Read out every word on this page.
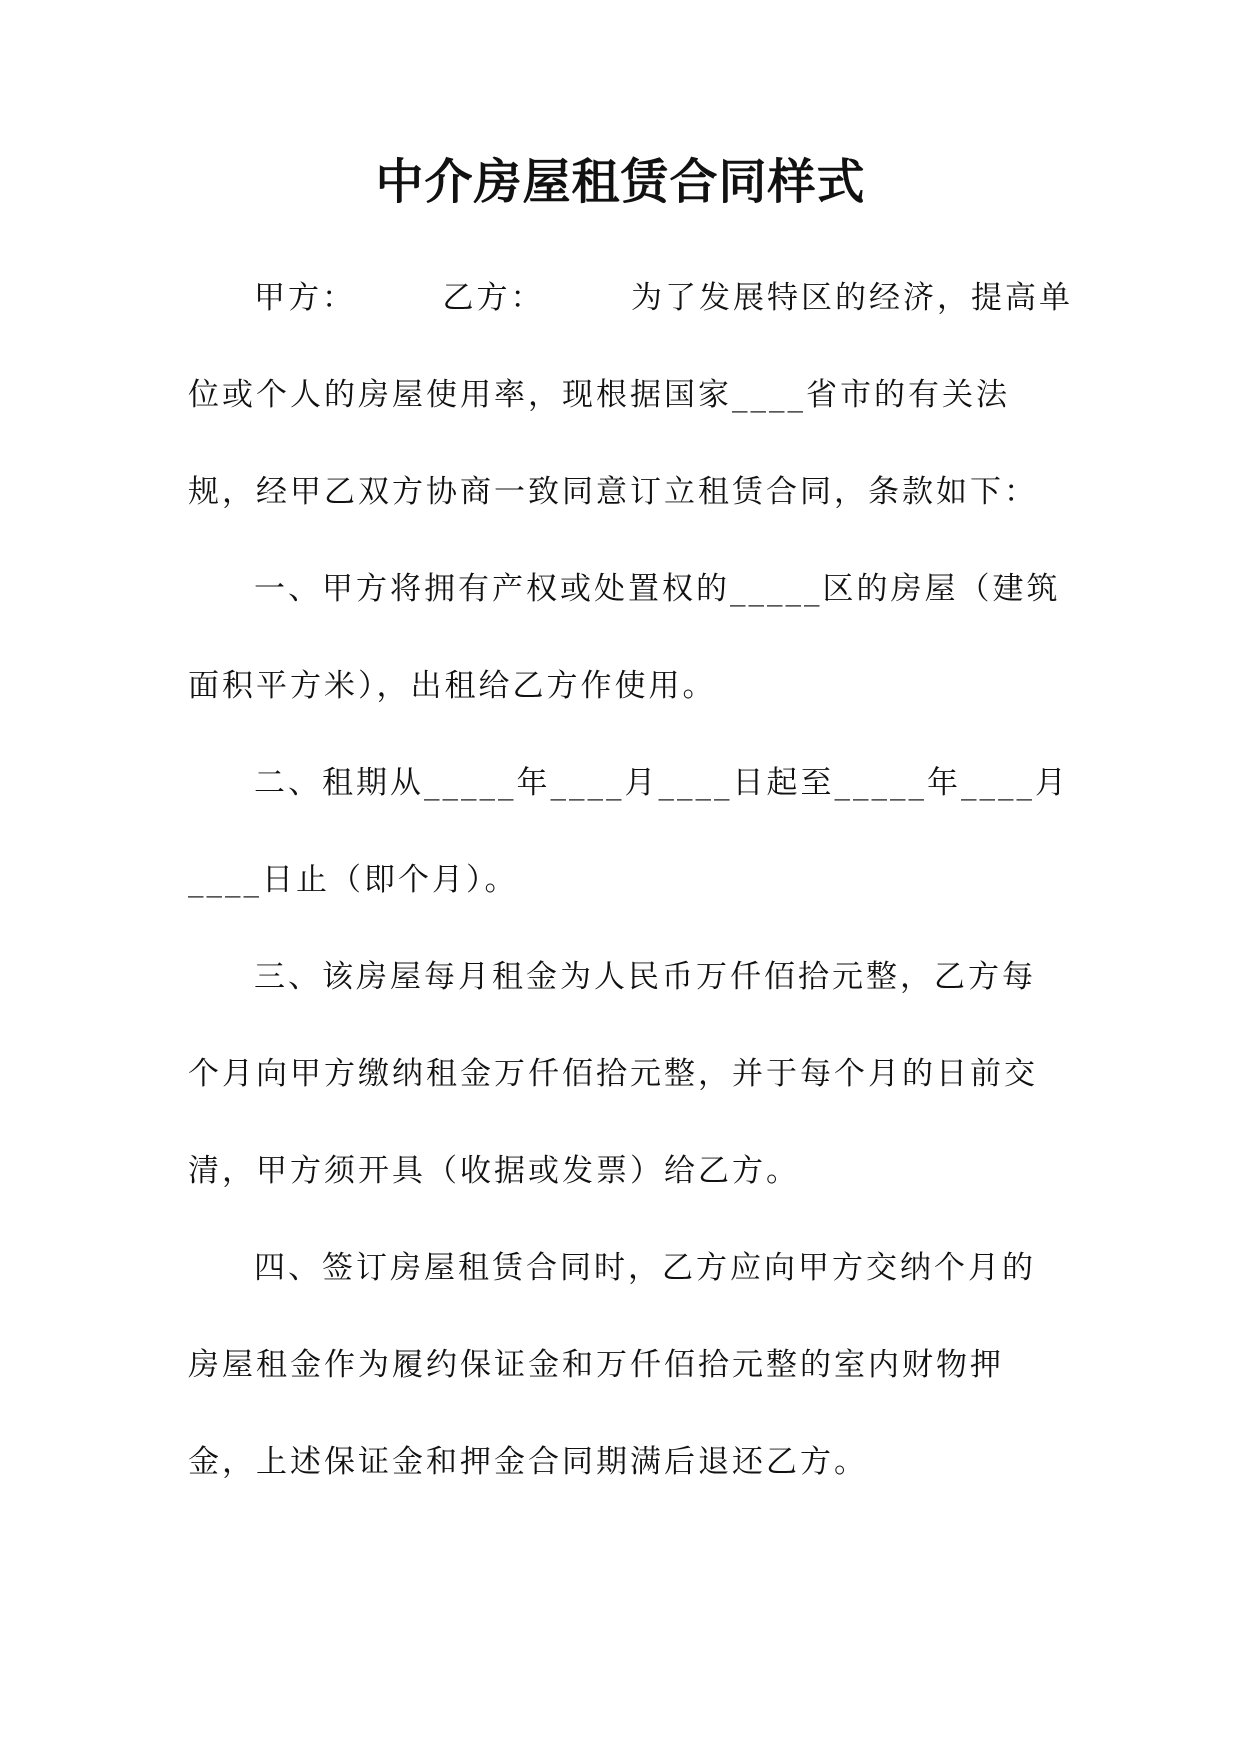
中介房屋租赁合同样式
甲方：　　　乙方：　　　为了发展特区的经济，提高单
位或个人的房屋使用率，现根据国家____省市的有关法
规，经甲乙双方协商一致同意订立租赁合同，条款如下：
一、甲方将拥有产权或处置权的_____区的房屋（建筑
面积平方米），出租给乙方作使用。
二、租期从_____年____月____日起至_____年____月
____日止（即个月）。
三、该房屋每月租金为人民币万仟佰拾元整，乙方每
个月向甲方缴纳租金万仟佰拾元整，并于每个月的日前交
清，甲方须开具（收据或发票）给乙方。
四、签订房屋租赁合同时，乙方应向甲方交纳个月的
房屋租金作为履约保证金和万仟佰拾元整的室内财物押
金，上述保证金和押金合同期满后退还乙方。
